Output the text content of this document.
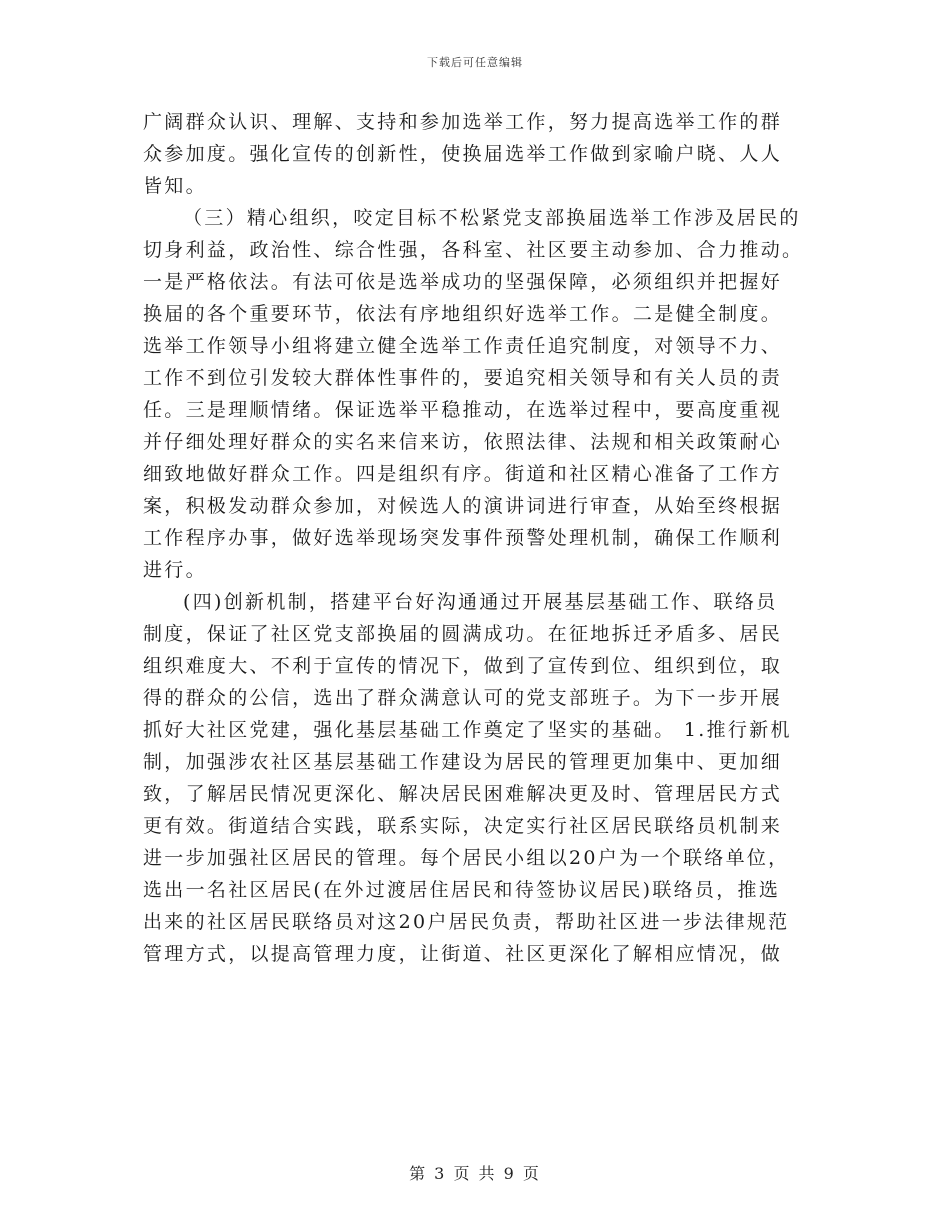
下载后可任意编辑
广阔群众认识、理解、支持和参加选举工作，努力提高选举工作的群
众参加度。强化宣传的创新性，使换届选举工作做到家喻户晓、人人
皆知。
（三）精心组织，咬定目标不松紧党支部换届选举工作涉及居民的
切身利益，政治性、综合性强，各科室、社区要主动参加、合力推动。
一是严格依法。有法可依是选举成功的坚强保障，必须组织并把握好
换届的各个重要环节，依法有序地组织好选举工作。二是健全制度。
选举工作领导小组将建立健全选举工作责任追究制度，对领导不力、
工作不到位引发较大群体性事件的，要追究相关领导和有关人员的责
任。三是理顺情绪。保证选举平稳推动，在选举过程中，要高度重视
并仔细处理好群众的实名来信来访，依照法律、法规和相关政策耐心
细致地做好群众工作。四是组织有序。街道和社区精心准备了工作方
案，积极发动群众参加，对候选人的演讲词进行审查，从始至终根据
工作程序办事，做好选举现场突发事件预警处理机制，确保工作顺利
进行。
(四)创新机制，搭建平台好沟通通过开展基层基础工作、联络员
制度，保证了社区党支部换届的圆满成功。在征地拆迁矛盾多、居民
组织难度大、不利于宣传的情况下，做到了宣传到位、组织到位，取
得的群众的公信，选出了群众满意认可的党支部班子。为下一步开展
抓好大社区党建，强化基层基础工作奠定了坚实的基础。 1.推行新机
制，加强涉农社区基层基础工作建设为居民的管理更加集中、更加细
致，了解居民情况更深化、解决居民困难解决更及时、管理居民方式
更有效。街道结合实践，联系实际，决定实行社区居民联络员机制来
进一步加强社区居民的管理。每个居民小组以20户为一个联络单位，
选出一名社区居民(在外过渡居住居民和待签协议居民)联络员，推选
出来的社区居民联络员对这20户居民负责，帮助社区进一步法律规范
管理方式，以提高管理力度，让街道、社区更深化了解相应情况，做
第 3 页 共 9 页
